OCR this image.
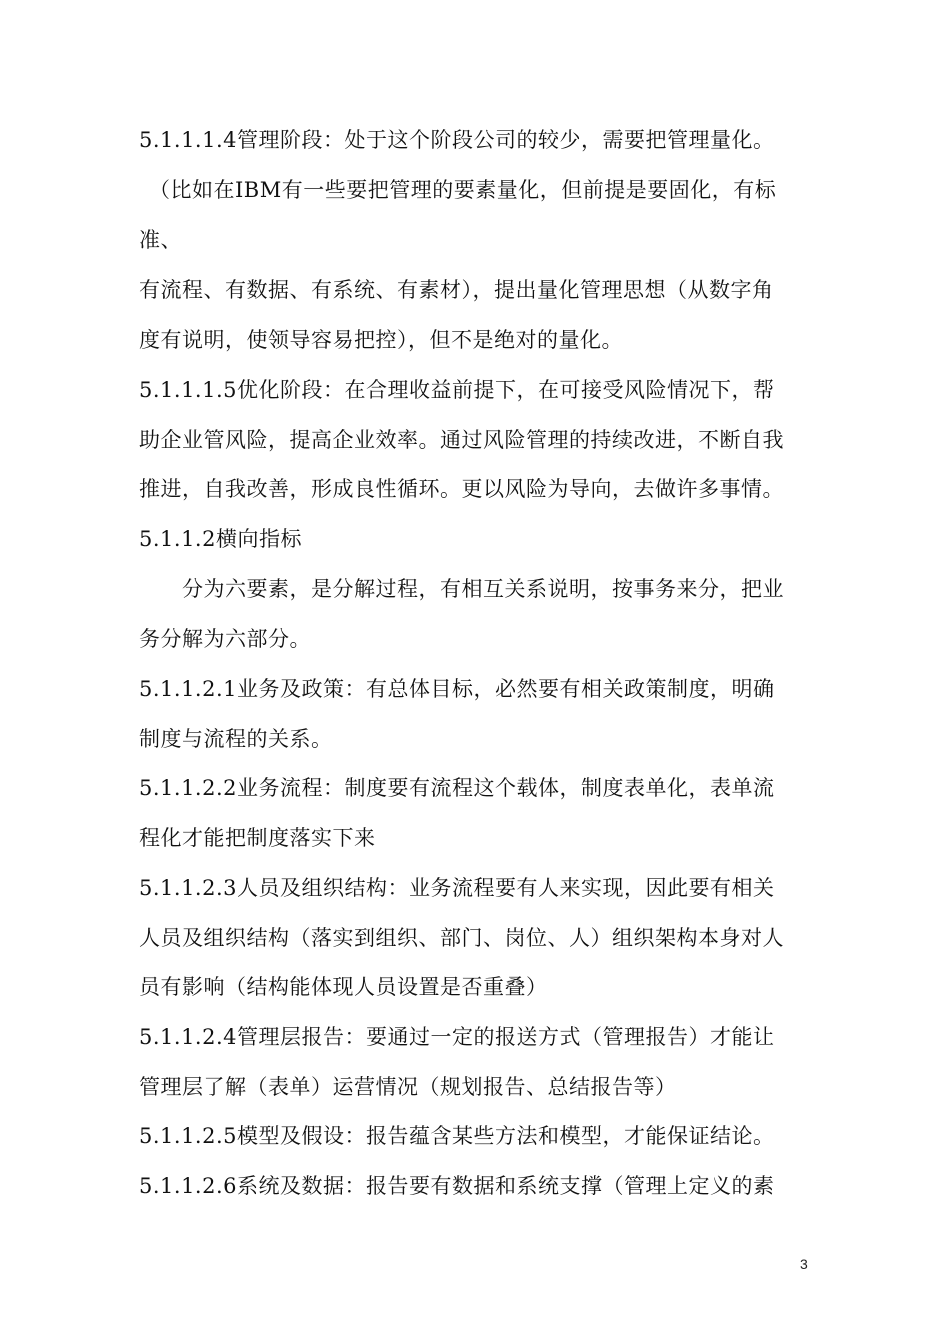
5.1.1.1.4管理阶段：处于这个阶段公司的较少，需要把管理量化。
（比如在IBM有一些要把管理的要素量化，但前提是要固化，有标
准、
有流程、有数据、有系统、有素材），提出量化管理思想（从数字角
度有说明，使领导容易把控），但不是绝对的量化。
5.1.1.1.5优化阶段：在合理收益前提下，在可接受风险情况下，帮
助企业管风险，提高企业效率。通过风险管理的持续改进，不断自我
推进，自我改善，形成良性循环。更以风险为导向，去做许多事情。
5.1.1.2横向指标
分为六要素，是分解过程，有相互关系说明，按事务来分，把业
务分解为六部分。
5.1.1.2.1业务及政策：有总体目标，必然要有相关政策制度，明确
制度与流程的关系。
5.1.1.2.2业务流程：制度要有流程这个载体，制度表单化，表单流
程化才能把制度落实下来
5.1.1.2.3人员及组织结构：业务流程要有人来实现，因此要有相关
人员及组织结构（落实到组织、部门、岗位、人）组织架构本身对人
员有影响（结构能体现人员设置是否重叠）
5.1.1.2.4管理层报告：要通过一定的报送方式（管理报告）才能让
管理层了解（表单）运营情况（规划报告、总结报告等）
5.1.1.2.5模型及假设：报告蕴含某些方法和模型，才能保证结论。
5.1.1.2.6系统及数据：报告要有数据和系统支撑（管理上定义的素
3
